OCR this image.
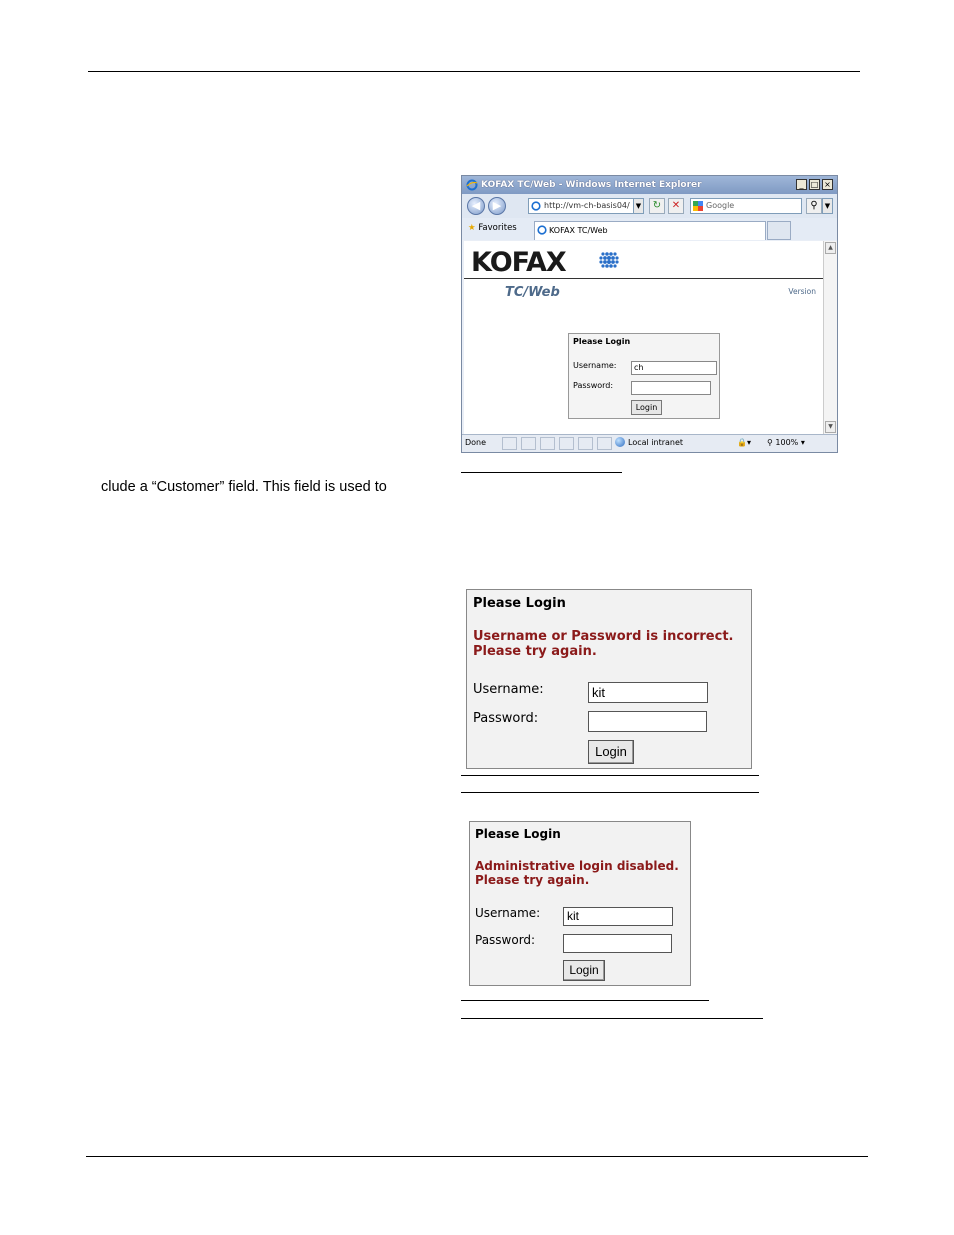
clude a “Customer” field. This field is used to
KOFAX TC/Web - Windows Internet Explorer	_ □ ×
◀	▶	http://vm-ch-basis04/ ▼	↻	✕	Google	⚲	▼
★ Favorites	KOFAX TC/Web
KOFAX
TC/Web	Version
Please Login
Username:	ch
Password:
Login
▲
▼
Done	Local intranet	🔒▾ ⚲ 100% ▾
Please Login
Username or Password is incorrect.
Please try again.
Username:	kit
Password:
Login
Please Login
Administrative login disabled.
Please try again.
Username:	kit
Password:
Login
